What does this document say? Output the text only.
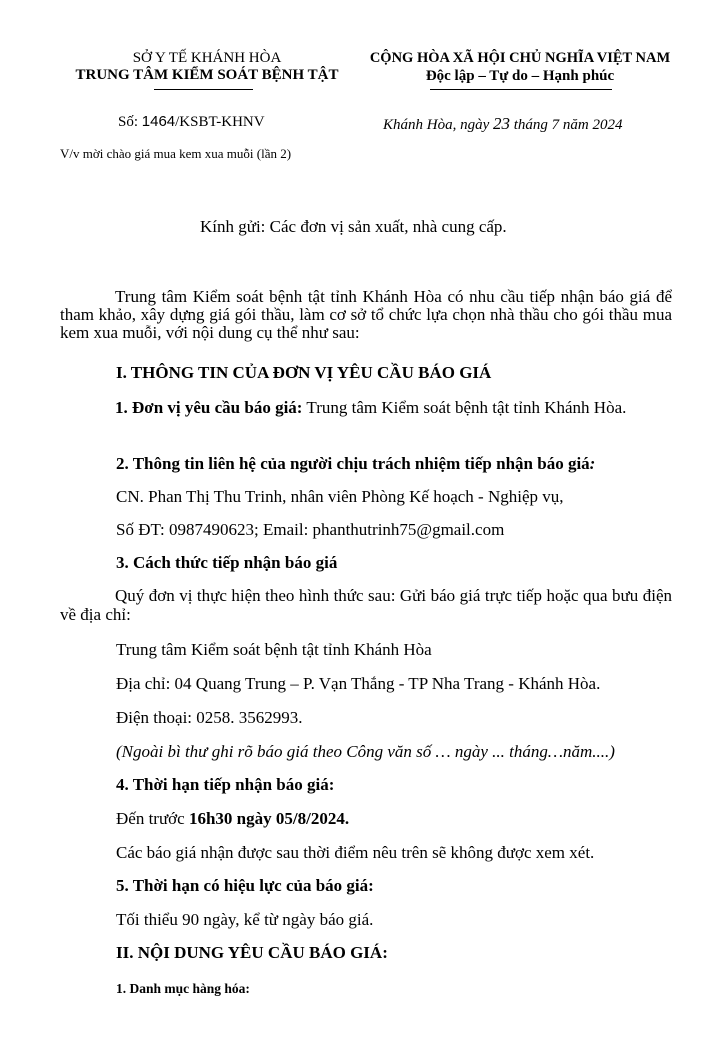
SỞ Y TẾ KHÁNH HÒA
TRUNG TÂM KIỂM SOÁT BỆNH TẬT
Số: 1464/KSBT-KHNV
V/v mời chào giá mua kem xua muỗi (lần 2)
CỘNG HÒA XÃ HỘI CHỦ NGHĨA VIỆT NAM
Độc lập – Tự do – Hạnh phúc
Khánh Hòa, ngày 23 tháng 7 năm 2024
Kính gửi: Các đơn vị sản xuất, nhà cung cấp.
Trung tâm Kiểm soát bệnh tật tỉnh Khánh Hòa có nhu cầu tiếp nhận báo giá để tham khảo, xây dựng giá gói thầu, làm cơ sở tổ chức lựa chọn nhà thầu cho gói thầu mua kem xua muỗi, với nội dung cụ thể như sau:
I. THÔNG TIN CỦA ĐƠN VỊ YÊU CẦU BÁO GIÁ
1. Đơn vị yêu cầu báo giá: Trung tâm Kiểm soát bệnh tật tỉnh Khánh Hòa.
2. Thông tin liên hệ của người chịu trách nhiệm tiếp nhận báo giá:
CN. Phan Thị Thu Trinh, nhân viên Phòng Kế hoạch - Nghiệp vụ,
Số ĐT: 0987490623; Email: phanthutrinh75@gmail.com
3. Cách thức tiếp nhận báo giá
Quý đơn vị thực hiện theo hình thức sau: Gửi báo giá trực tiếp hoặc qua bưu điện về địa chỉ:
Trung tâm Kiểm soát bệnh tật tỉnh Khánh Hòa
Địa chỉ: 04 Quang Trung – P. Vạn Thắng - TP Nha Trang - Khánh Hòa.
Điện thoại: 0258. 3562993.
(Ngoài bì thư ghi rõ báo giá theo Công văn số … ngày ... tháng…năm....)
4. Thời hạn tiếp nhận báo giá:
Đến trước 16h30 ngày 05/8/2024.
Các báo giá nhận được sau thời điểm nêu trên sẽ không được xem xét.
5. Thời hạn có hiệu lực của báo giá:
Tối thiểu 90 ngày, kể từ ngày báo giá.
II. NỘI DUNG YÊU CẦU BÁO GIÁ:
1. Danh mục hàng hóa:
